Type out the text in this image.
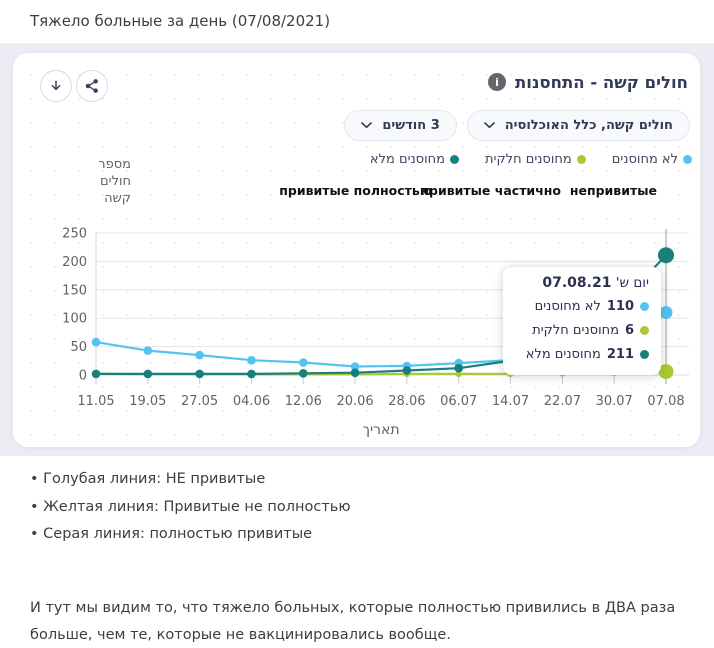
Тяжело больные за день (07/08/2021)
i
חולים קשה - התחסנות
חולים קשה, כלל האוכלוסיה
3 חודשים
לא מחוסנים
מחוסנים חלקית
מחוסנים מלא
привитые полностью
привитые частично непривитые
מספר
חולים
קשה
0
50
100
150
200
250
11.05 19.05 27.05 04.06 12.06 20.06 28.06 06.07 14.07 22.07 30.07 07.08
תאריך
יום ש' 07.08.21
110
לא מחוסנים
6
מחוסנים חלקית
211
מחוסנים מלא
• Голубая линия: НЕ привитые
• Желтая линия: Привитые не полностью
• Серая линия: полностью привитые

И тут мы видим то, что тяжело больных, которые полностью привились в ДВА раза больше, чем те, которые не вакцинировались вообще.
